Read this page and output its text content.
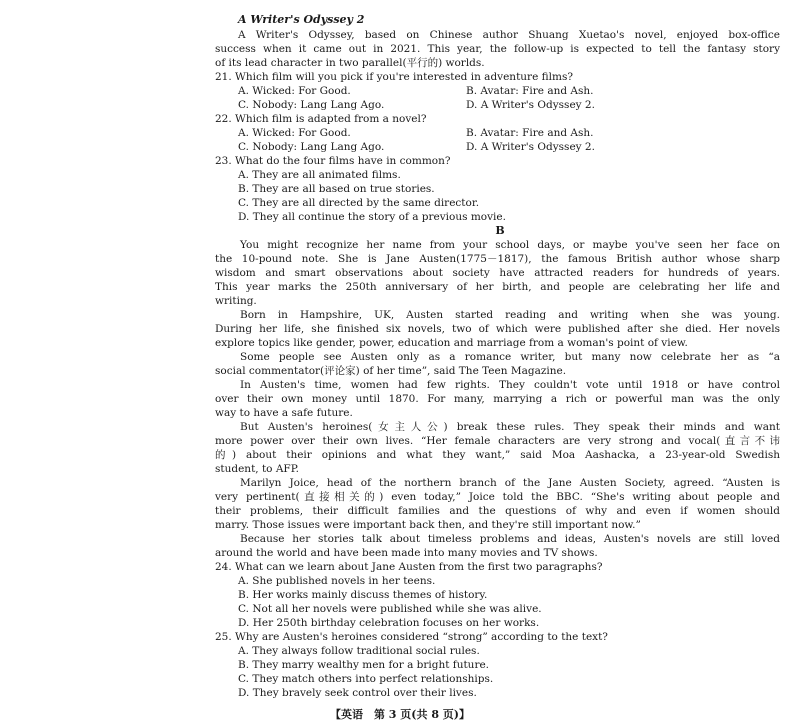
A Writer's Odyssey 2
A Writer's Odyssey, based on Chinese author Shuang Xuetao's novel, enjoyed box-office
success when it came out in 2021. This year, the follow-up is expected to tell the fantasy story
of its lead character in two parallel(平行的) worlds.
21. Which film will you pick if you're interested in adventure films?
A. Wicked: For Good.	B. Avatar: Fire and Ash.
C. Nobody: Lang Lang Ago.	D. A Writer's Odyssey 2.
22. Which film is adapted from a novel?
A. Wicked: For Good.	B. Avatar: Fire and Ash.
C. Nobody: Lang Lang Ago.	D. A Writer's Odyssey 2.
23. What do the four films have in common?
A. They are all animated films.
B. They are all based on true stories.
C. They are all directed by the same director.
D. They all continue the story of a previous movie.
B
You might recognize her name from your school days, or maybe you've seen her face on
the 10-pound note. She is Jane Austen(1775－1817), the famous British author whose sharp
wisdom and smart observations about society have attracted readers for hundreds of years.
This year marks the 250th anniversary of her birth, and people are celebrating her life and
writing.
Born in Hampshire, UK, Austen started reading and writing when she was young.
During her life, she finished six novels, two of which were published after she died. Her novels
explore topics like gender, power, education and marriage from a woman's point of view.
Some people see Austen only as a romance writer, but many now celebrate her as “a
social commentator(评论家) of her time”, said The Teen Magazine.
In Austen's time, women had few rights. They couldn't vote until 1918 or have control
over their own money until 1870. For many, marrying a rich or powerful man was the only
way to have a safe future.
But Austen's heroines(女主人公) break these rules. They speak their minds and want
more power over their own lives. “Her female characters are very strong and vocal(直言不讳
的) about their opinions and what they want,” said Moa Aashacka, a 23-year-old Swedish
student, to AFP.
Marilyn Joice, head of the northern branch of the Jane Austen Society, agreed. “Austen is
very pertinent(直接相关的) even today,” Joice told the BBC. “She's writing about people and
their problems, their difficult families and the questions of why and even if women should
marry. Those issues were important back then, and they're still important now.”
Because her stories talk about timeless problems and ideas, Austen's novels are still loved
around the world and have been made into many movies and TV shows.
24. What can we learn about Jane Austen from the first two paragraphs?
A. She published novels in her teens.
B. Her works mainly discuss themes of history.
C. Not all her novels were published while she was alive.
D. Her 250th birthday celebration focuses on her works.
25. Why are Austen's heroines considered “strong” according to the text?
A. They always follow traditional social rules.
B. They marry wealthy men for a bright future.
C. They match others into perfect relationships.
D. They bravely seek control over their lives.
【英语　第 3 页(共 8 页)】
